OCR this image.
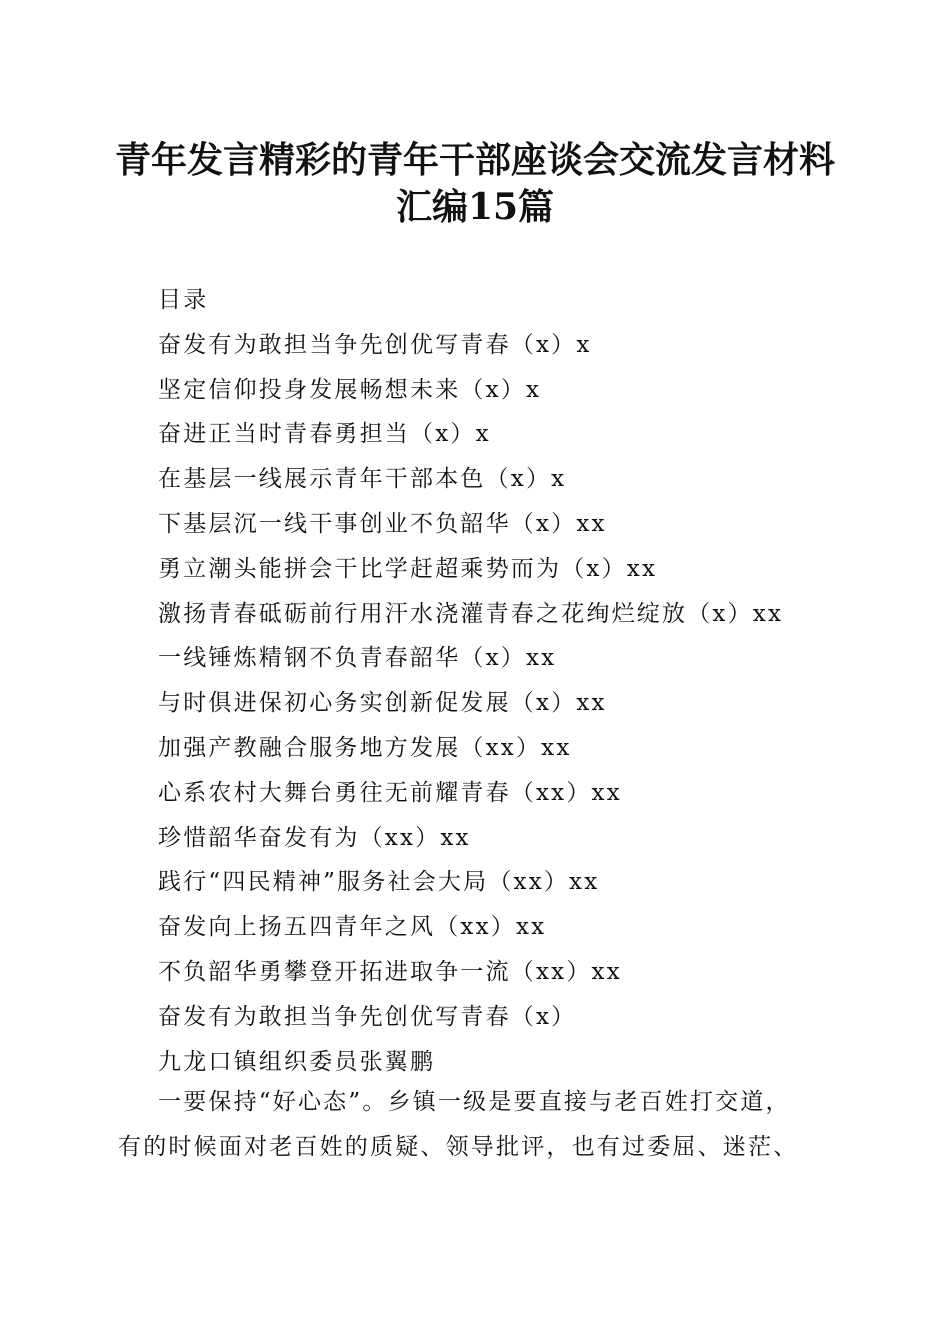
青年发言精彩的青年干部座谈会交流发言材料
汇编15篇
目录
奋发有为敢担当争先创优写青春（x）x
坚定信仰投身发展畅想未来（x）x
奋进正当时青春勇担当（x）x
在基层一线展示青年干部本色（x）x
下基层沉一线干事创业不负韶华（x）xx
勇立潮头能拼会干比学赶超乘势而为（x）xx
激扬青春砥砺前行用汗水浇灌青春之花绚烂绽放（x）xx
一线锤炼精钢不负青春韶华（x）xx
与时俱进保初心务实创新促发展（x）xx
加强产教融合服务地方发展（xx）xx
心系农村大舞台勇往无前耀青春（xx）xx
珍惜韶华奋发有为（xx）xx
践行“四民精神”服务社会大局（xx）xx
奋发向上扬五四青年之风（xx）xx
不负韶华勇攀登开拓进取争一流（xx）xx
奋发有为敢担当争先创优写青春（x）
九龙口镇组织委员张翼鹏
一要保持“好心态”。乡镇一级是要直接与老百姓打交道，
有的时候面对老百姓的质疑、领导批评，也有过委屈、迷茫、
